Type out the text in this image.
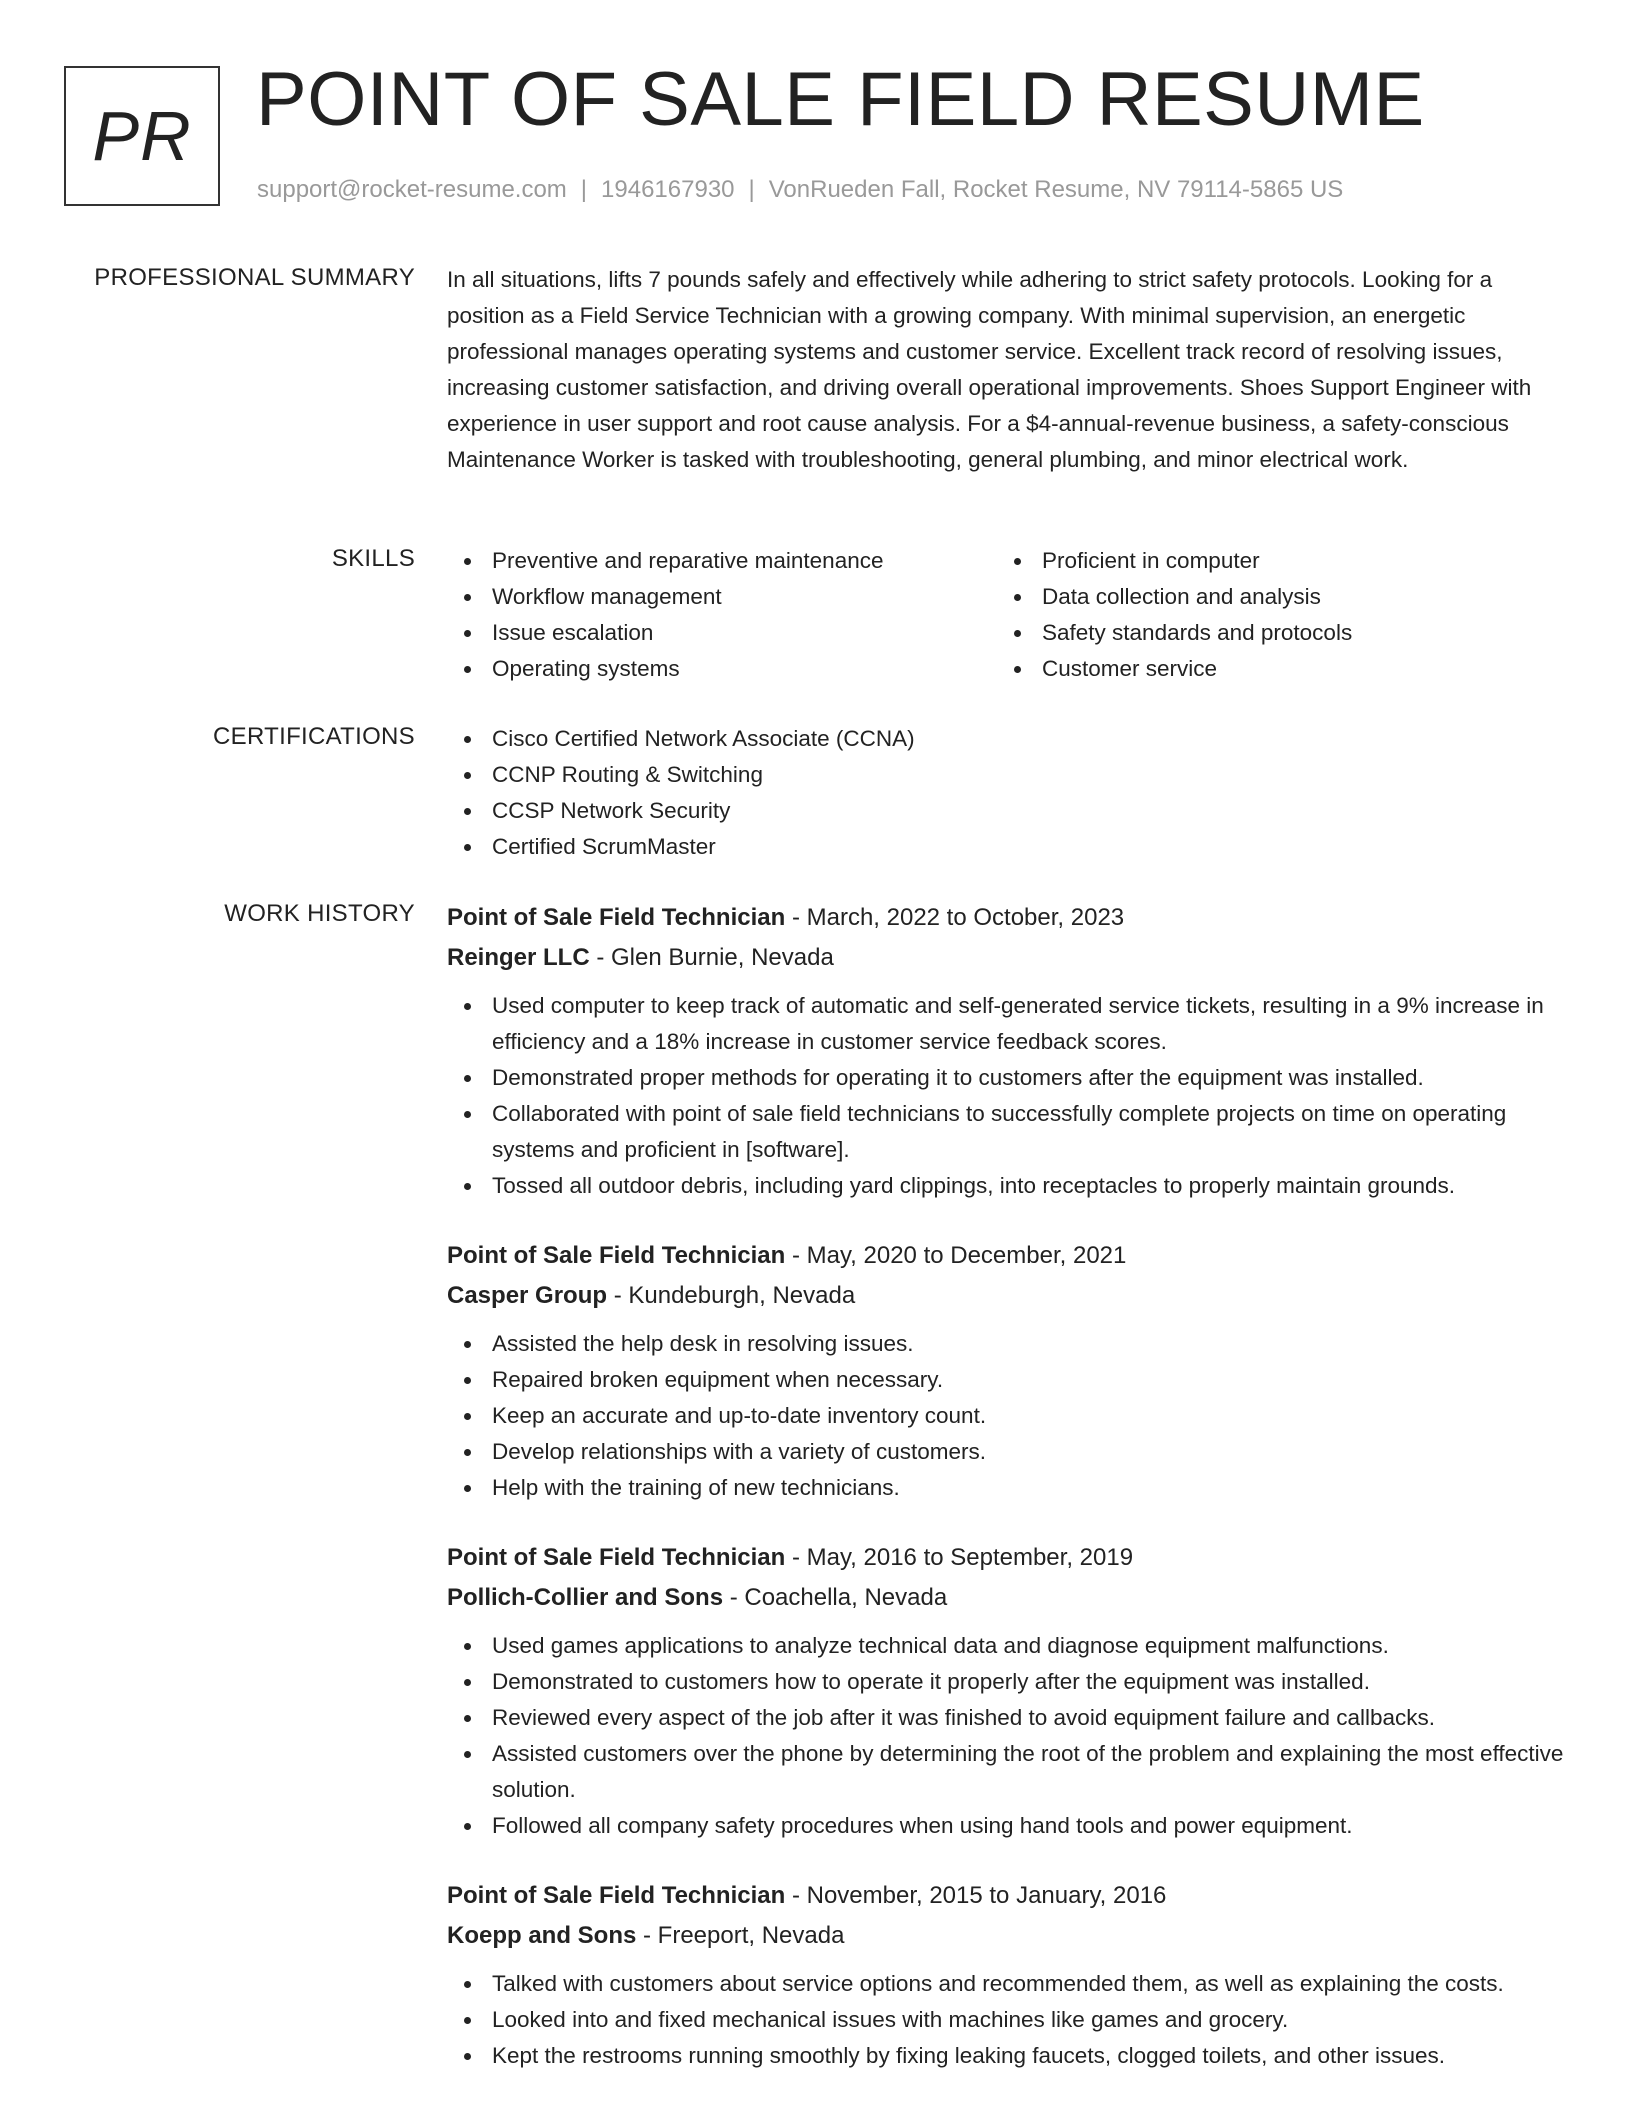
PR POINT OF SALE FIELD RESUME
support@rocket-resume.com | 1946167930 | VonRueden Fall, Rocket Resume, NV 79114-5865 US
PROFESSIONAL SUMMARY In all situations, lifts 7 pounds safely and effectively while adhering to strict safety protocols. Looking for a position as a Field Service Technician with a growing company. With minimal supervision, an energetic professional manages operating systems and customer service. Excellent track record of resolving issues, increasing customer satisfaction, and driving overall operational improvements. Shoes Support Engineer with experience in user support and root cause analysis. For a $4-annual-revenue business, a safety-conscious Maintenance Worker is tasked with troubleshooting, general plumbing, and minor electrical work.
SKILLS	Preventive and reparative maintenance
Workflow management
Issue escalation
Operating systems
Proficient in computer
Data collection and analysis
Safety standards and protocols
Customer service
CERTIFICATIONS	Cisco Certified Network Associate (CCNA)
CCNP Routing & Switching
CCSP Network Security
Certified ScrumMaster
WORK HISTORY Point of Sale Field Technician - March, 2022 to October, 2023
Reinger LLC - Glen Burnie, Nevada
Used computer to keep track of automatic and self-generated service tickets, resulting in a 9% increase in efficiency and a 18% increase in customer service feedback scores.
Demonstrated proper methods for operating it to customers after the equipment was installed.
Collaborated with point of sale field technicians to successfully complete projects on time on operating systems and proficient in [software].
Tossed all outdoor debris, including yard clippings, into receptacles to properly maintain grounds.
Point of Sale Field Technician - May, 2020 to December, 2021
Casper Group - Kundeburgh, Nevada
Assisted the help desk in resolving issues.
Repaired broken equipment when necessary.
Keep an accurate and up-to-date inventory count.
Develop relationships with a variety of customers.
Help with the training of new technicians.
Point of Sale Field Technician - May, 2016 to September, 2019
Pollich-Collier and Sons - Coachella, Nevada
Used games applications to analyze technical data and diagnose equipment malfunctions.
Demonstrated to customers how to operate it properly after the equipment was installed.
Reviewed every aspect of the job after it was finished to avoid equipment failure and callbacks.
Assisted customers over the phone by determining the root of the problem and explaining the most effective solution.
Followed all company safety procedures when using hand tools and power equipment.
Point of Sale Field Technician - November, 2015 to January, 2016
Koepp and Sons - Freeport, Nevada
Talked with customers about service options and recommended them, as well as explaining the costs.
Looked into and fixed mechanical issues with machines like games and grocery.
Kept the restrooms running smoothly by fixing leaking faucets, clogged toilets, and other issues.
